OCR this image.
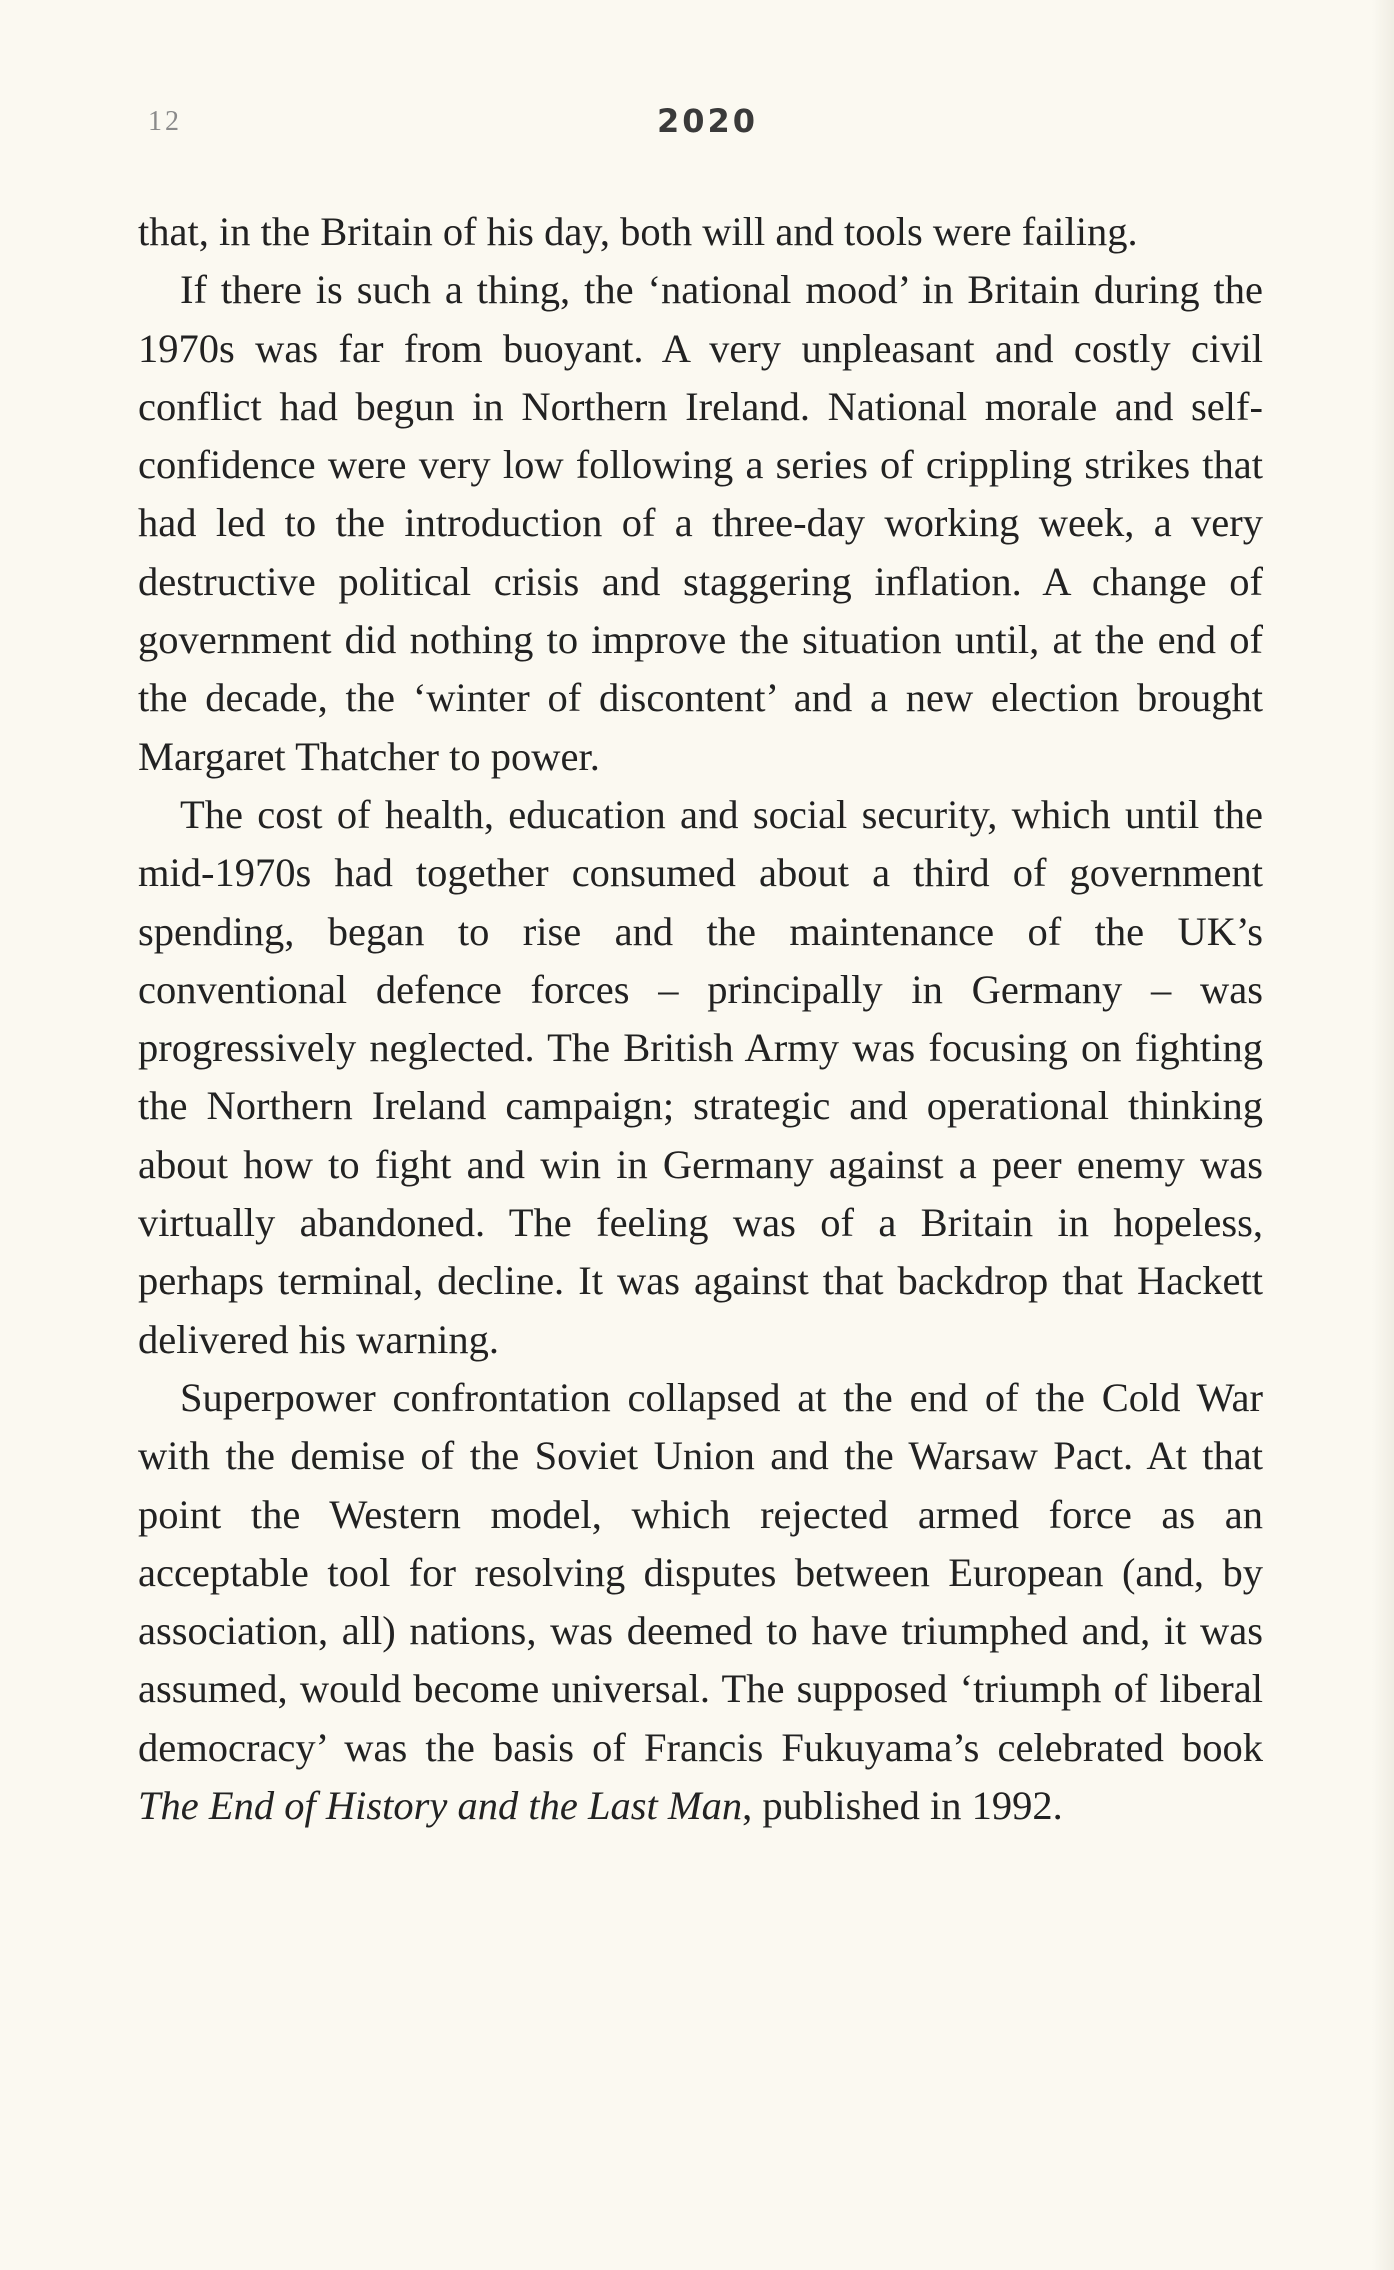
12	2020

that, in the Britain of his day, both will and tools were failing.

If there is such a thing, the ‘national mood’ in Britain during the 1970s was far from buoyant. A very unpleasant and costly civil conflict had begun in Northern Ireland. National morale and self-confidence were very low following a series of crippling strikes that had led to the introduction of a three-day working week, a very destructive political crisis and staggering inflation. A change of government did nothing to improve the situation until, at the end of the decade, the ‘winter of discontent’ and a new election brought Margaret Thatcher to power.

The cost of health, education and social security, which until the mid-1970s had together consumed about a third of government spending, began to rise and the maintenance of the UK’s conventional defence forces – principally in Germany – was progressively neglected. The British Army was focusing on fighting the Northern Ireland campaign; strategic and operational thinking about how to fight and win in Germany against a peer enemy was virtually abandoned. The feeling was of a Britain in hopeless, perhaps terminal, decline. It was against that backdrop that Hackett delivered his warning.

Superpower confrontation collapsed at the end of the Cold War with the demise of the Soviet Union and the Warsaw Pact. At that point the Western model, which rejected armed force as an acceptable tool for resolving disputes between European (and, by association, all) nations, was deemed to have triumphed and, it was assumed, would become universal. The supposed ‘triumph of liberal democracy’ was the basis of Francis Fukuyama’s celebrated book The End of History and the Last Man, published in 1992.
